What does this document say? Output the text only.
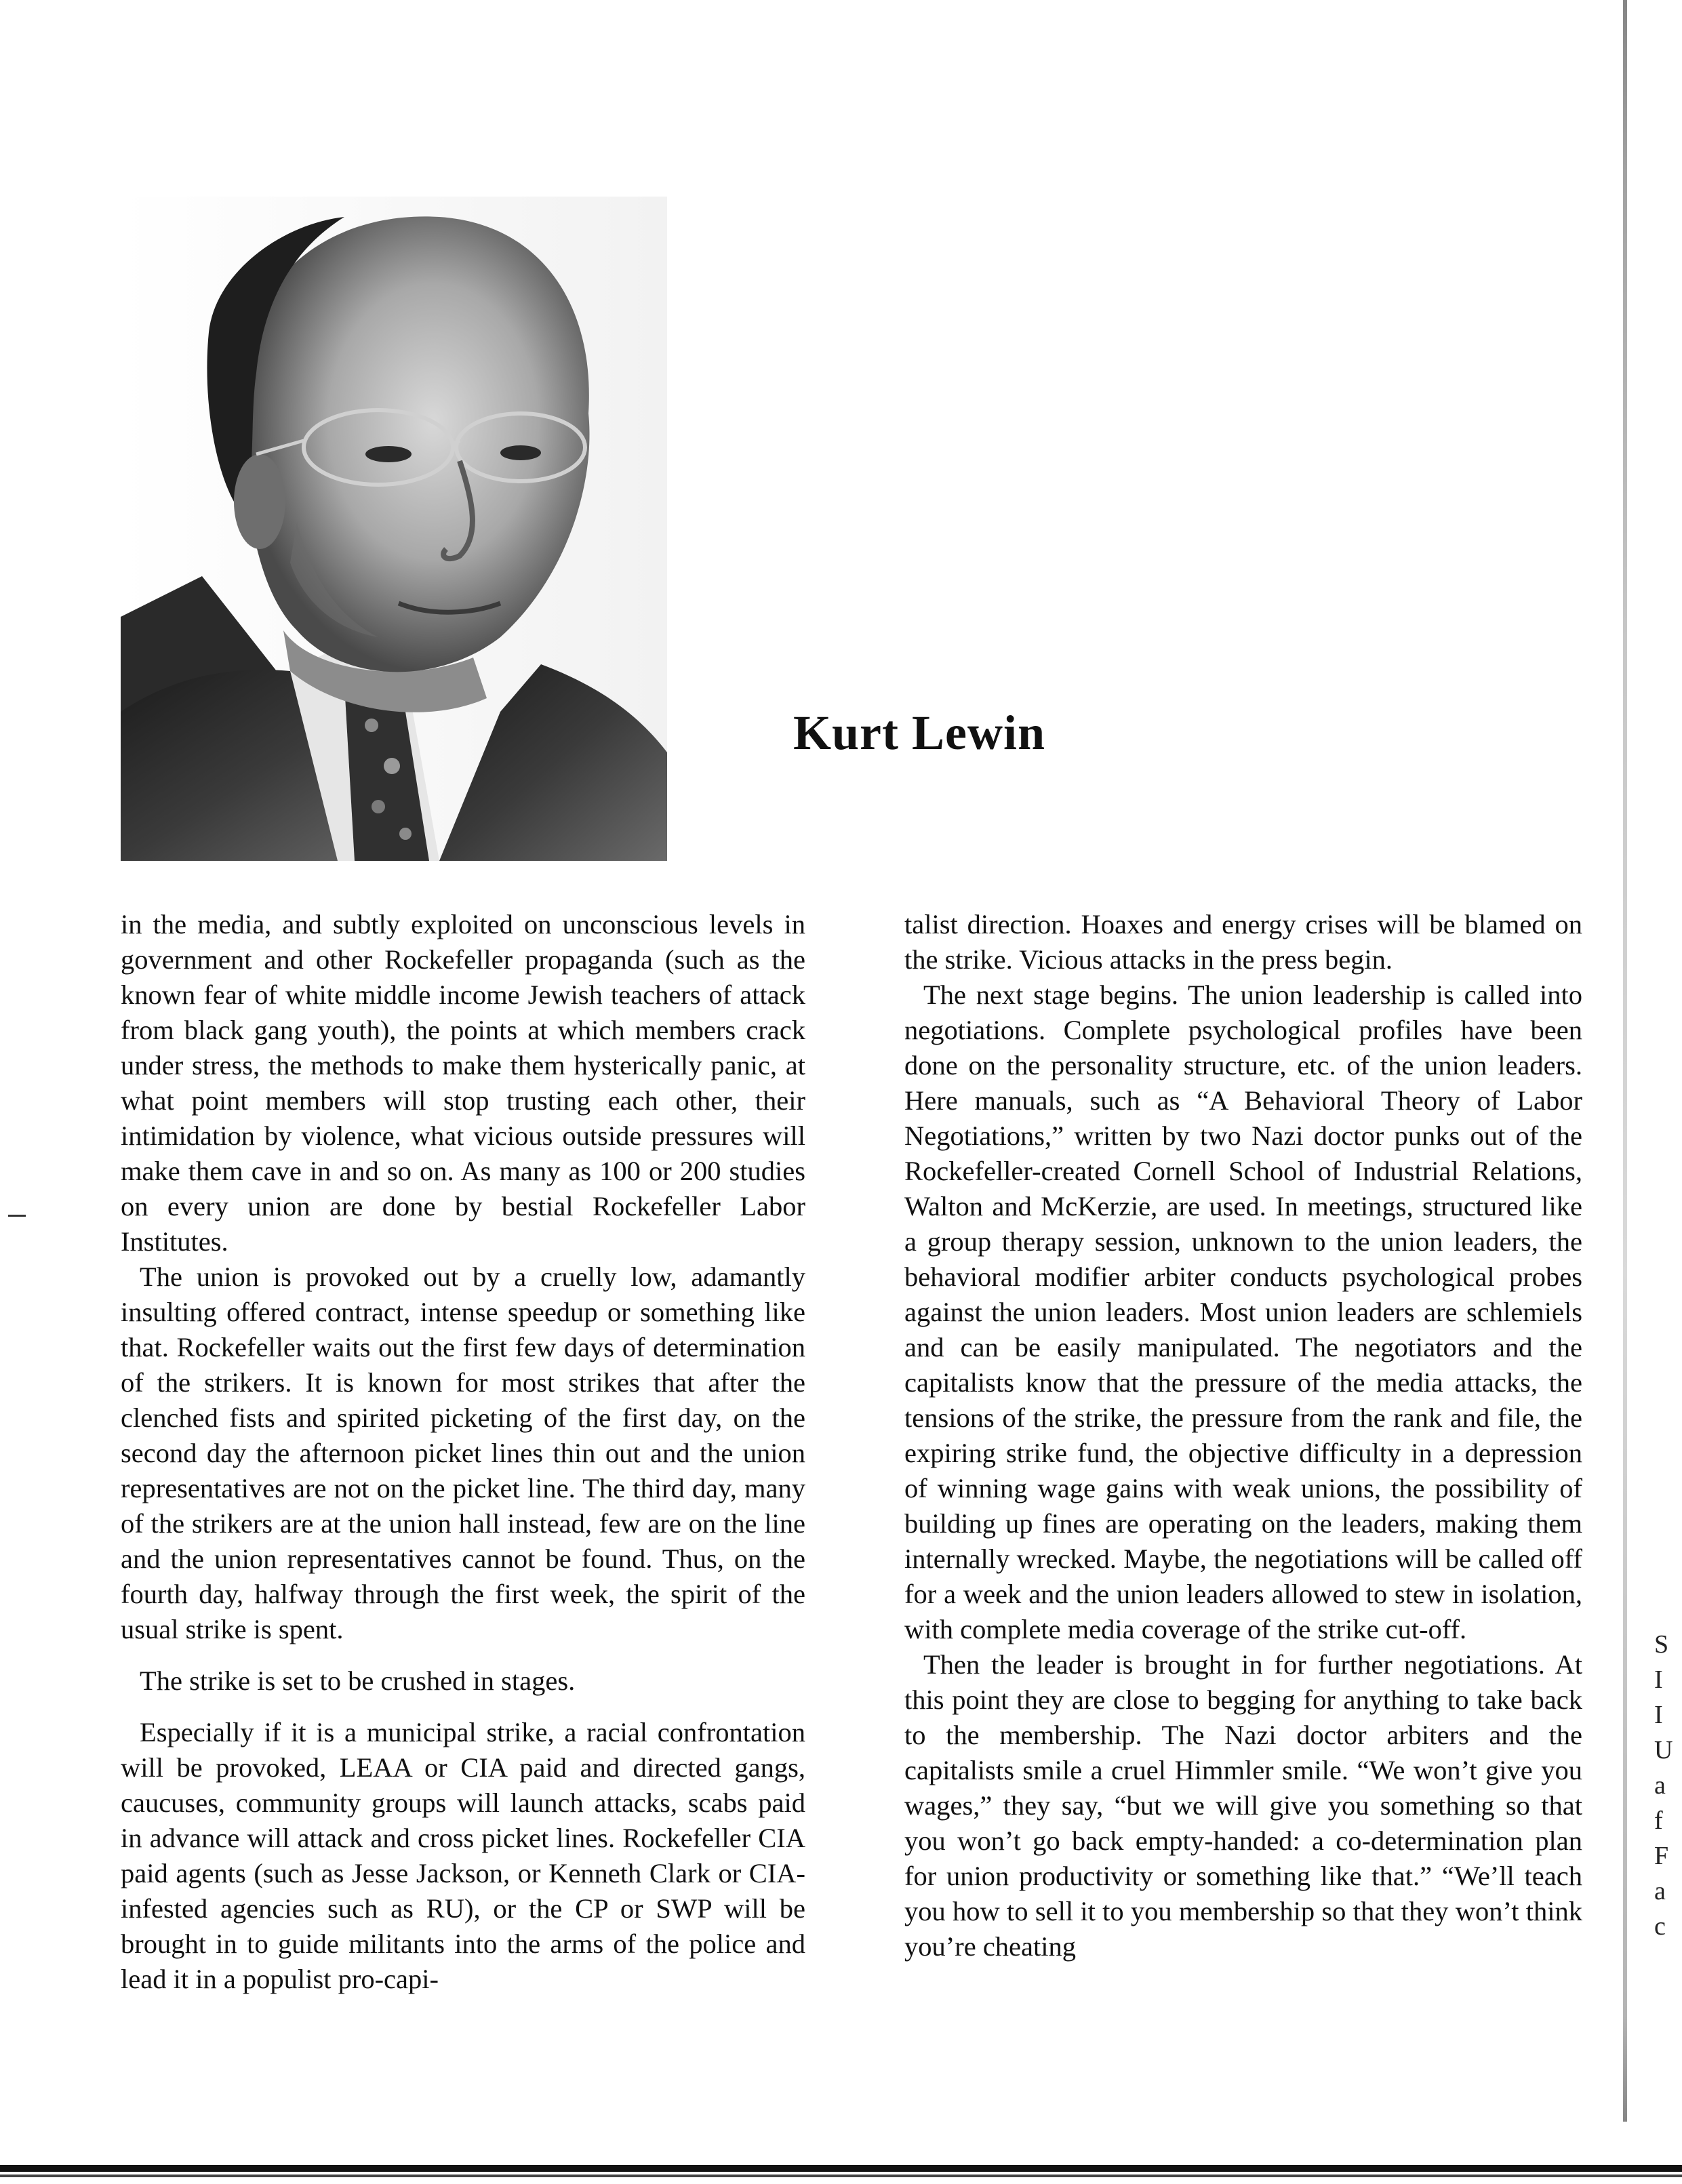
Kurt Lewin

in the media, and subtly exploited on unconscious levels in government and other Rockefeller propaganda (such as the known fear of white middle income Jewish teachers of attack from black gang youth), the points at which members crack under stress, the methods to make them hysterically panic, at what point members will stop trusting each other, their intimidation by violence, what vicious outside pressures will make them cave in and so on. As many as 100 or 200 studies on every union are done by bestial Rockefeller Labor Institutes.

The union is provoked out by a cruelly low, adamantly insulting offered contract, intense speedup or something like that. Rockefeller waits out the first few days of determination of the strikers. It is known for most strikes that after the clenched fists and spirited picketing of the first day, on the second day the afternoon picket lines thin out and the union representatives are not on the picket line. The third day, many of the strikers are at the union hall instead, few are on the line and the union representatives cannot be found. Thus, on the fourth day, halfway through the first week, the spirit of the usual strike is spent.

The strike is set to be crushed in stages.

Especially if it is a municipal strike, a racial confrontation will be provoked, LEAA or CIA paid and directed gangs, caucuses, community groups will launch attacks, scabs paid in advance will attack and cross picket lines. Rockefeller CIA paid agents (such as Jesse Jackson, or Kenneth Clark or CIA-infested agencies such as RU), or the CP or SWP will be brought in to guide militants into the arms of the police and lead it in a populist pro-capi-

talist direction. Hoaxes and energy crises will be blamed on the strike. Vicious attacks in the press begin.

The next stage begins. The union leadership is called into negotiations. Complete psychological profiles have been done on the personality structure, etc. of the union leaders. Here manuals, such as “A Behavioral Theory of Labor Negotiations,” written by two Nazi doctor punks out of the Rockefeller-created Cornell School of Industrial Relations, Walton and McKerzie, are used. In meetings, structured like a group therapy session, unknown to the union leaders, the behavioral modifier arbiter conducts psychological probes against the union leaders. Most union leaders are schlemiels and can be easily manipulated. The negotiators and the capitalists know that the pressure of the media attacks, the tensions of the strike, the pressure from the rank and file, the expiring strike fund, the objective difficulty in a depression of winning wage gains with weak unions, the possibility of building up fines are operating on the leaders, making them internally wrecked. Maybe, the negotiations will be called off for a week and the union leaders allowed to stew in isolation, with complete media coverage of the strike cut-off.

Then the leader is brought in for further negotiations. At this point they are close to begging for anything to take back to the membership. The Nazi doctor arbiters and the capitalists smile a cruel Himmler smile. “We won’t give you wages,” they say, “but we will give you something so that you won’t go back empty-handed: a co-determination plan for union productivity or something like that.” “We’ll teach you how to sell it to you membership so that they won’t think you’re cheating

S
I
I
U
a
f
F
a
c
